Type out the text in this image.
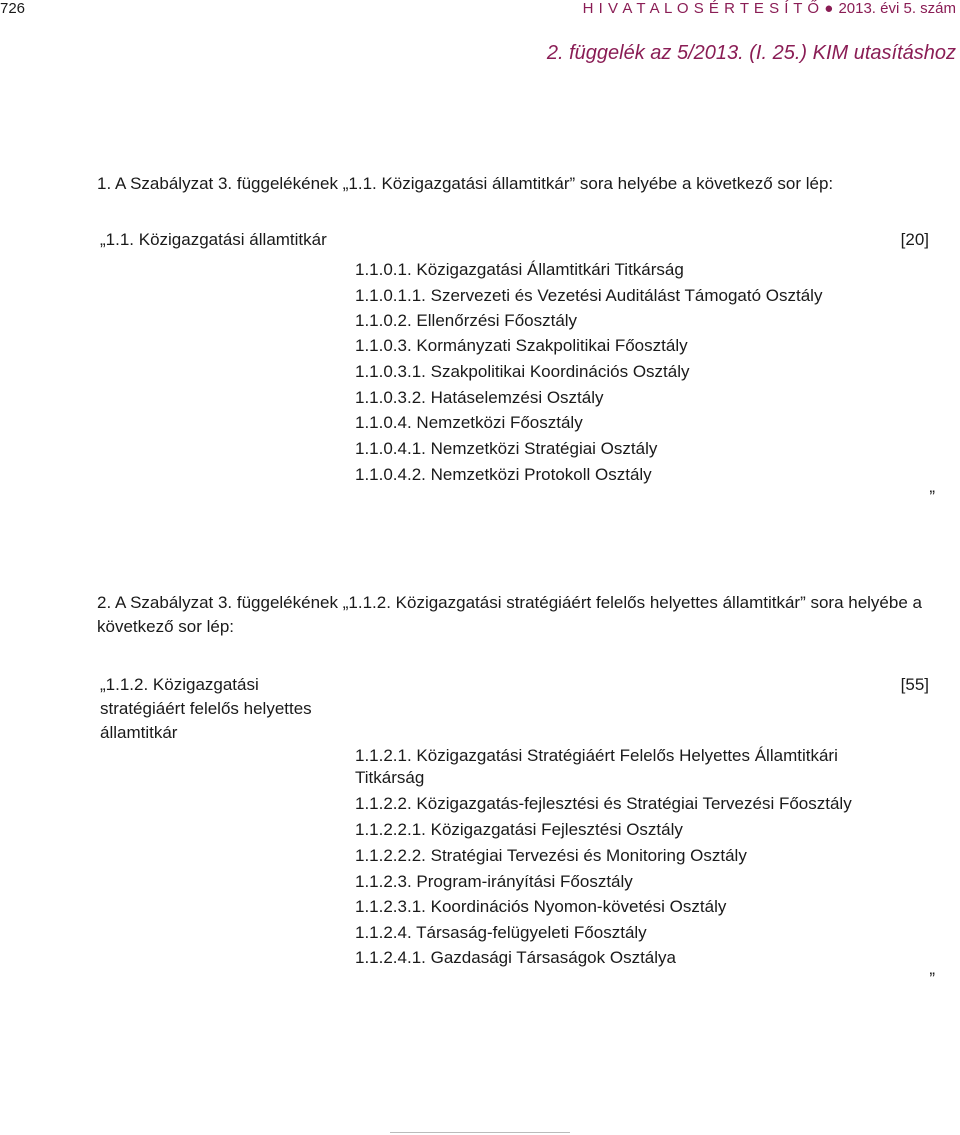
726	H I V A T A L O S É R T E S Í T Ő ● 2013. évi 5. szám
2. függelék az 5/2013. (I. 25.) KIM utasításhoz
1. A Szabályzat 3. függelékének „1.1. Közigazgatási államtitkár” sora helyébe a következő sor lép:
„1.1. Közigazgatási államtitkár	[20]
1.1.0.1. Közigazgatási Államtitkári Titkárság
1.1.0.1.1. Szervezeti és Vezetési Auditálást Támogató Osztály
1.1.0.2. Ellenőrzési Főosztály
1.1.0.3. Kormányzati Szakpolitikai Főosztály
1.1.0.3.1. Szakpolitikai Koordinációs Osztály
1.1.0.3.2. Hatáselemzési Osztály
1.1.0.4. Nemzetközi Főosztály
1.1.0.4.1. Nemzetközi Stratégiai Osztály
1.1.0.4.2. Nemzetközi Protokoll Osztály
”
2. A Szabályzat 3. függelékének „1.1.2. Közigazgatási stratégiáért felelős helyettes államtitkár” sora helyébe a
következő sor lép:
„1.1.2. Közigazgatási
stratégiáért felelős helyettes
államtitkár
[55]
1.1.2.1. Közigazgatási Stratégiáért Felelős Helyettes Államtitkári
Titkárság
1.1.2.2. Közigazgatás-fejlesztési és Stratégiai Tervezési Főosztály
1.1.2.2.1. Közigazgatási Fejlesztési Osztály
1.1.2.2.2. Stratégiai Tervezési és Monitoring Osztály
1.1.2.3. Program-irányítási Főosztály
1.1.2.3.1. Koordinációs Nyomon-követési Osztály
1.1.2.4. Társaság-felügyeleti Főosztály
1.1.2.4.1. Gazdasági Társaságok Osztálya
”
